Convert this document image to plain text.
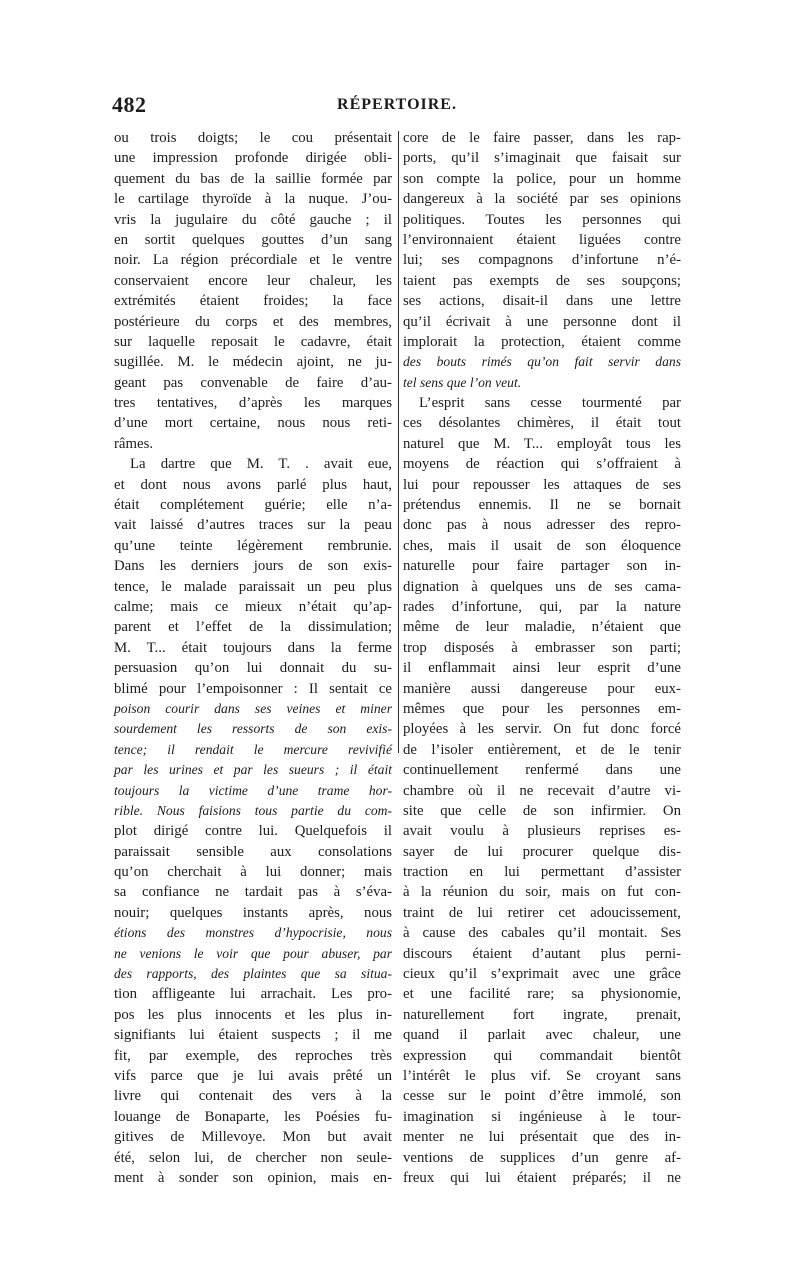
482	RÉPERTOIRE.
ou trois doigts; le cou présentait
une impression profonde dirigée obli-
quement du bas de la saillie formée par
le cartilage thyroïde à la nuque. J’ou-
vris la jugulaire du côté gauche ; il
en sortit quelques gouttes d’un sang
noir. La région précordiale et le ventre
conservaient encore leur chaleur, les
extrémités étaient froides; la face
postérieure du corps et des membres,
sur laquelle reposait le cadavre, était
sugillée. M. le médecin ajoint, ne ju-
geant pas convenable de faire d’au-
tres tentatives, d’après les marques
d’une mort certaine, nous nous reti-
râmes.
La dartre que M. T. . avait eue,
et dont nous avons parlé plus haut,
était complétement guérie; elle n’a-
vait laissé d’autres traces sur la peau
qu’une teinte légèrement rembrunie.
Dans les derniers jours de son exis-
tence, le malade paraissait un peu plus
calme; mais ce mieux n’était qu’ap-
parent et l’effet de la dissimulation;
M. T... était toujours dans la ferme
persuasion qu’on lui donnait du su-
blimé pour l’empoisonner : Il sentait ce
poison courir dans ses veines et miner
sourdement les ressorts de son exis-
tence; il rendait le mercure revivifié
par les urines et par les sueurs ; il était
toujours la victime d’une trame hor-
rible. Nous faisions tous partie du com-
plot dirigé contre lui. Quelquefois il
paraissait sensible aux consolations
qu’on cherchait à lui donner; mais
sa confiance ne tardait pas à s’éva-
nouir; quelques instants après, nous
étions des monstres d’hypocrisie, nous
ne venions le voir que pour abuser, par
des rapports, des plaintes que sa situa-
tion affligeante lui arrachait. Les pro-
pos les plus innocents et les plus in-
signifiants lui étaient suspects ; il me
fit, par exemple, des reproches très
vifs parce que je lui avais prêté un
livre qui contenait des vers à la
louange de Bonaparte, les Poésies fu-
gitives de Millevoye. Mon but avait
été, selon lui, de chercher non seule-
ment à sonder son opinion, mais en-
core de le faire passer, dans les rap-
ports, qu’il s’imaginait que faisait sur
son compte la police, pour un homme
dangereux à la société par ses opinions
politiques. Toutes les personnes qui
l’environnaient étaient liguées contre
lui; ses compagnons d’infortune n’é-
taient pas exempts de ses soupçons;
ses actions, disait-il dans une lettre
qu’il écrivait à une personne dont il
implorait la protection, étaient comme
des bouts rimés qu’on fait servir dans
tel sens que l’on veut.
L’esprit sans cesse tourmenté par
ces désolantes chimères, il était tout
naturel que M. T... employât tous les
moyens de réaction qui s’offraient à
lui pour repousser les attaques de ses
prétendus ennemis. Il ne se bornait
donc pas à nous adresser des repro-
ches, mais il usait de son éloquence
naturelle pour faire partager son in-
dignation à quelques uns de ses cama-
rades d’infortune, qui, par la nature
même de leur maladie, n’étaient que
trop disposés à embrasser son parti;
il enflammait ainsi leur esprit d’une
manière aussi dangereuse pour eux-
mêmes que pour les personnes em-
ployées à les servir. On fut donc forcé
de l’isoler entièrement, et de le tenir
continuellement renfermé dans une
chambre où il ne recevait d’autre vi-
site que celle de son infirmier. On
avait voulu à plusieurs reprises es-
sayer de lui procurer quelque dis-
traction en lui permettant d’assister
à la réunion du soir, mais on fut con-
traint de lui retirer cet adoucissement,
à cause des cabales qu’il montait. Ses
discours étaient d’autant plus perni-
cieux qu’il s’exprimait avec une grâce
et une facilité rare; sa physionomie,
naturellement fort ingrate, prenait,
quand il parlait avec chaleur, une
expression qui commandait bientôt
l’intérêt le plus vif. Se croyant sans
cesse sur le point d’être immolé, son
imagination si ingénieuse à le tour-
menter ne lui présentait que des in-
ventions de supplices d’un genre af-
freux qui lui étaient préparés; il ne
